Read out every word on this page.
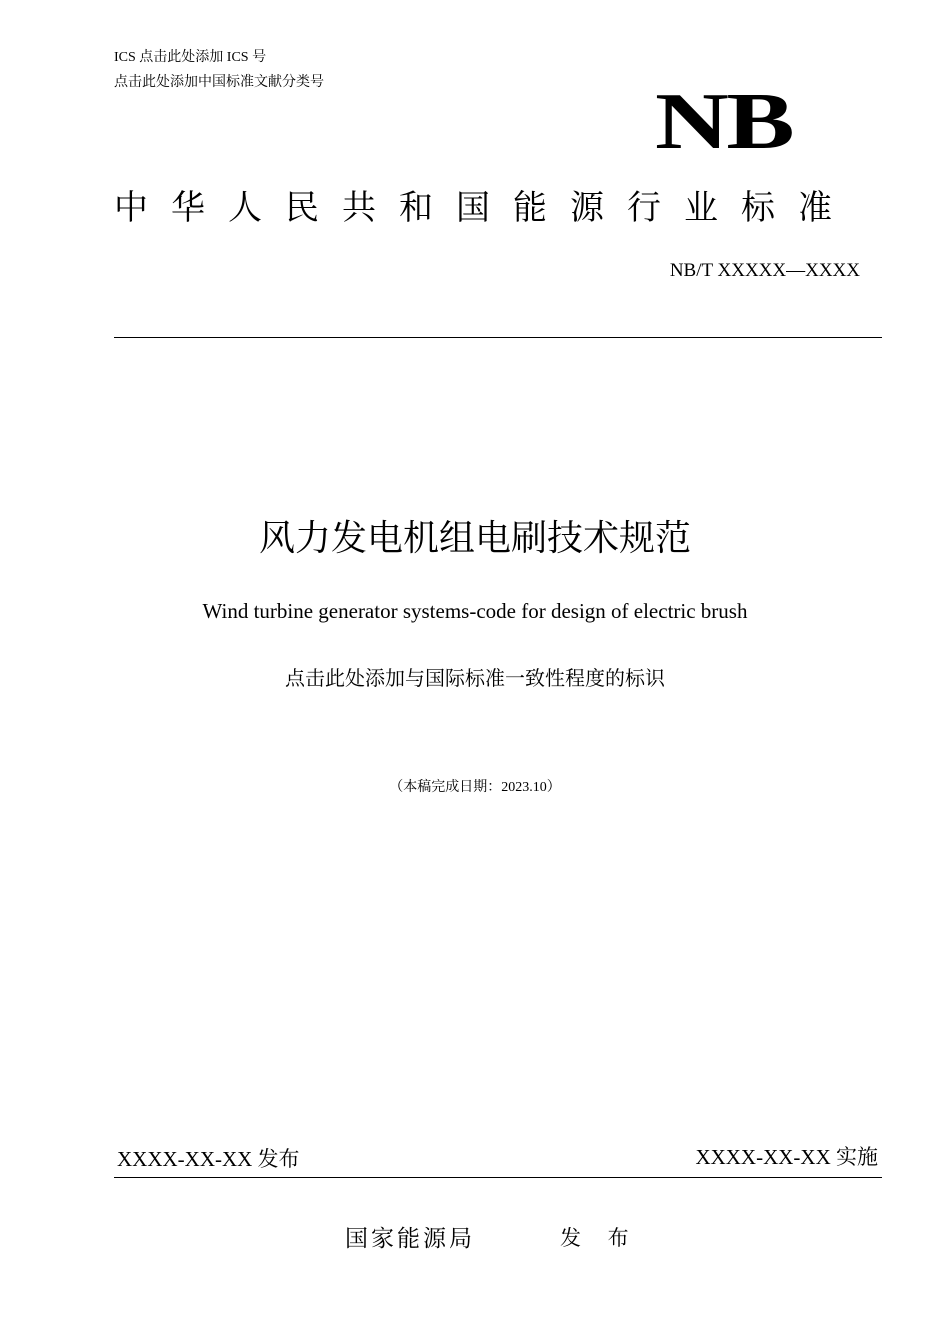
ICS 点击此处添加 ICS 号
点击此处添加中国标准文献分类号	NB
中华人民共和国能源行业标准
NB/T XXXXX—XXXX
风力发电机组电刷技术规范
Wind turbine generator systems-code for design of electric brush
点击此处添加与国际标准一致性程度的标识
（本稿完成日期：2023.10）
XXXX-XX-XX 发布	XXXX-XX-XX 实施
国家能源局	发 布
